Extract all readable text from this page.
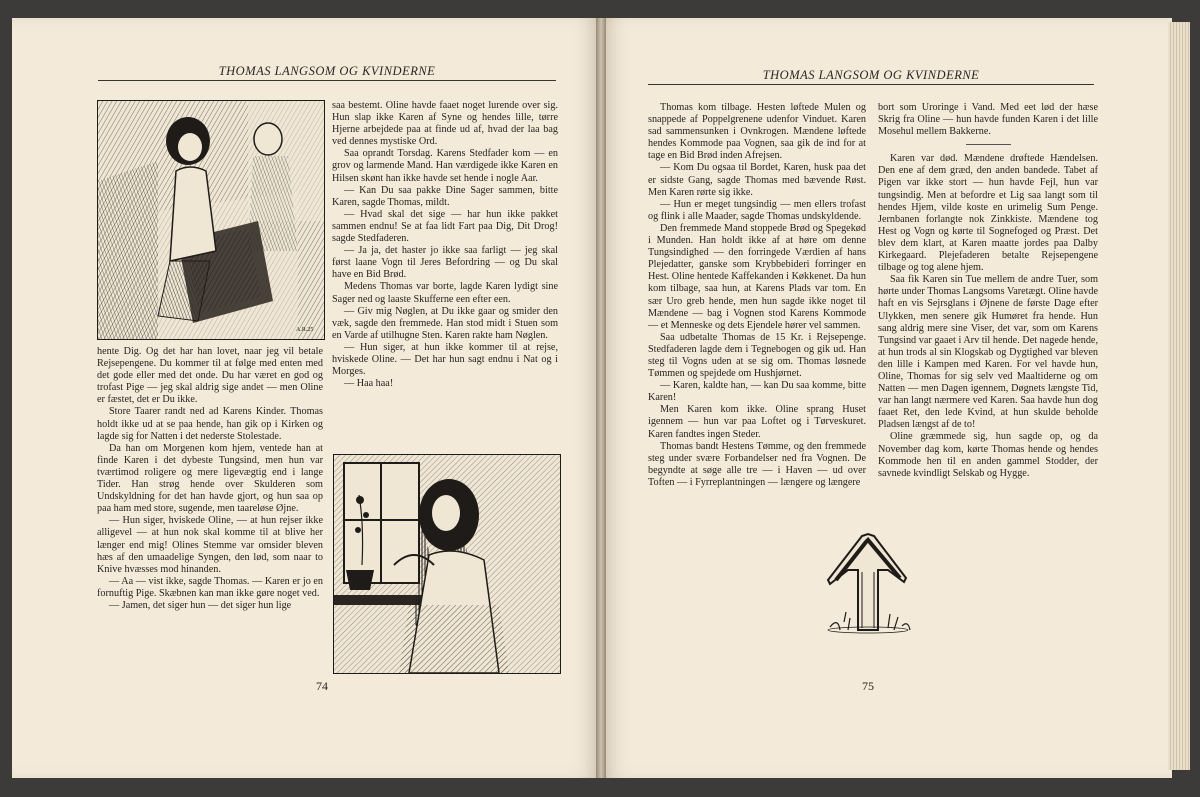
THOMAS LANGSOM OG KVINDERNE
A.R.25

saa bestemt. Oline havde faaet noget lurende over sig. Hun slap ikke Karen af Syne og hendes lille, tørre Hjerne arbejdede paa at finde ud af, hvad der laa bag ved dennes mystiske Ord.

Saa oprandt Torsdag. Karens Stedfader kom — en grov og larmende Mand. Han værdigede ikke Karen en Hilsen skønt han ikke havde set hende i nogle Aar.

— Kan Du saa pakke Dine Sager sammen, bitte Karen, sagde Thomas, mildt.

— Hvad skal det sige — har hun ikke pakket sammen endnu! Se at faa lidt Fart paa Dig, Dit Drog! sagde Stedfaderen.

— Ja ja, det haster jo ikke saa farligt — jeg skal først laane Vogn til Jeres Befordring — og Du skal have en Bid Brød.

Medens Thomas var borte, lagde Karen lydigt sine Sager ned og laaste Skufferne een efter een.

— Giv mig Nøglen, at Du ikke gaar og smider den væk, sagde den fremmede. Han stod midt i Stuen som en Varde af utilhugne Sten. Karen rakte ham Nøglen.

— Hun siger, at hun ikke kommer til at rejse, hviskede Oline. — Det har hun sagt endnu i Nat og i Morges.

— Haa haa!

hente Dig. Og det har han lovet, naar jeg vil betale Rejsepengene. Du kommer til at følge med enten med det gode eller med det onde. Du har været en god og trofast Pige — jeg skal aldrig sige andet — men Oline er fæstet, det er Du ikke.

Store Taarer randt ned ad Karens Kinder. Thomas holdt ikke ud at se paa hende, han gik op i Kirken og lagde sig for Natten i det nederste Stolestade.

Da han om Morgenen kom hjem, ventede han at finde Karen i det dybeste Tungsind, men hun var tværtimod roligere og mere ligevægtig end i lange Tider. Han strøg hende over Skulderen som Undskyldning for det han havde gjort, og hun saa op paa ham med store, sugende, men taareløse Øjne.

— Hun siger, hviskede Oline, — at hun rejser ikke alligevel — at hun nok skal komme til at blive her længer end mig! Olines Stemme var omsider bleven hæs af den umaadelige Syngen, den lød, som naar to Knive hvæsses mod hinanden.

— Aa — vist ikke, sagde Thomas. — Karen er jo en fornuftig Pige. Skæbnen kan man ikke gøre noget ved.

— Jamen, det siger hun — det siger hun lige

74
THOMAS LANGSOM OG KVINDERNE

Thomas kom tilbage. Hesten løftede Mulen og snappede af Poppelgrenene udenfor Vinduet. Karen sad sammensunken i Ovnkrogen. Mændene løftede hendes Kommode paa Vognen, saa gik de ind for at tage en Bid Brød inden Afrejsen.

— Kom Du ogsaa til Bordet, Karen, husk paa det er sidste Gang, sagde Thomas med bævende Røst. Men Karen rørte sig ikke.

— Hun er meget tungsindig — men ellers trofast og flink i alle Maader, sagde Thomas undskyldende.

Den fremmede Mand stoppede Brød og Spegekød i Munden. Han holdt ikke af at høre om denne Tungsindighed — den forringede Værdien af hans Plejedatter, ganske som Krybbebideri forringer en Hest. Oline hentede Kaffekanden i Køkkenet. Da hun kom tilbage, saa hun, at Karens Plads var tom. En sær Uro greb hende, men hun sagde ikke noget til Mændene — bag i Vognen stod Karens Kommode — et Menneske og dets Ejendele hører vel sammen.

Saa udbetalte Thomas de 15 Kr. i Rejsepenge. Stedfaderen lagde dem i Tegnebogen og gik ud. Han steg til Vogns uden at se sig om. Thomas løsnede Tømmen og spejdede om Hushjørnet.

— Karen, kaldte han, — kan Du saa komme, bitte Karen!

Men Karen kom ikke. Oline sprang Huset igennem — hun var paa Loftet og i Tørveskuret. Karen fandtes ingen Steder.

Thomas bandt Hestens Tømme, og den fremmede steg under svære Forbandelser ned fra Vognen. De begyndte at søge alle tre — i Haven — ud over Toften — i Fyrreplantningen — længere og længere

bort som Uroringe i Vand. Med eet lød der hæse Skrig fra Oline — hun havde funden Karen i det lille Mosehul mellem Bakkerne.

Karen var død. Mændene drøftede Hændelsen. Den ene af dem græd, den anden bandede. Tabet af Pigen var ikke stort — hun havde Fejl, hun var tungsindig. Men at befordre et Lig saa langt som til hendes Hjem, vilde koste en urimelig Sum Penge. Jernbanen forlangte nok Zinkkiste. Mændene tog Hest og Vogn og kørte til Sognefoged og Præst. Det blev dem klart, at Karen maatte jordes paa Dalby Kirkegaard. Plejefaderen betalte Rejsepengene tilbage og tog alene hjem.

Saa fik Karen sin Tue mellem de andre Tuer, som hørte under Thomas Langsoms Varetægt. Oline havde haft en vis Sejrsglans i Øjnene de første Dage efter Ulykken, men senere gik Humøret fra hende. Hun sang aldrig mere sine Viser, det var, som om Karens Tungsind var gaaet i Arv til hende. Det nagede hende, at hun trods al sin Klogskab og Dygtighed var bleven den lille i Kampen med Karen. For vel havde hun, Oline, Thomas for sig selv ved Maaltiderne og om Natten — men Dagen igennem, Døgnets længste Tid, var han langt nærmere ved Karen. Saa havde hun dog faaet Ret, den lede Kvind, at hun skulde beholde Pladsen længst af de to!

Oline græmmede sig, hun sagde op, og da November dag kom, kørte Thomas hende og hendes Kommode hen til en anden gammel Stodder, der savnede kvindligt Selskab og Hygge.

75
